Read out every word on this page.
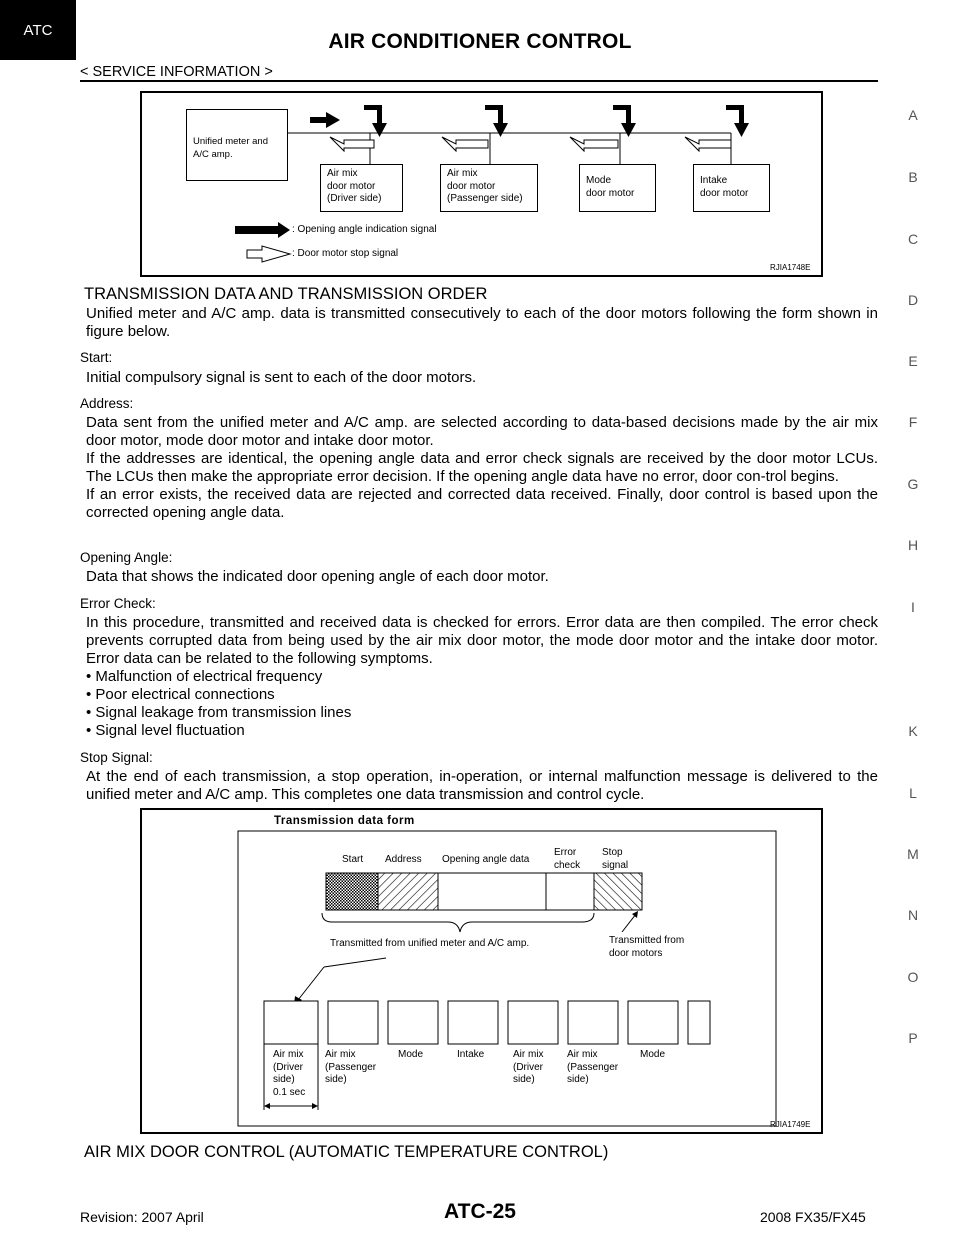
AIR CONDITIONER CONTROL
< SERVICE INFORMATION >
A
B
C
D
E
F
G
H
I
ATC
K
L
M
N
O
P
Unified meter and
A/C amp.
Air mix
door motor
(Driver side)
Air mix
door motor
(Passenger side)
Mode
door motor
Intake
door motor
: Opening angle indication signal
: Door motor stop signal
RJIA1748E
TRANSMISSION DATA AND TRANSMISSION ORDER

Unified meter and A/C amp. data is transmitted consecutively to each of the door motors following the form shown in figure below.

Start:

Initial compulsory signal is sent to each of the door motors.

Address:

Data sent from the unified meter and A/C amp. are selected according to data-based decisions made by the air mix door motor, mode door motor and intake door motor.

If the addresses are identical, the opening angle data and error check signals are received by the door motor LCUs. The LCUs then make the appropriate error decision. If the opening angle data have no error, door con-trol begins.

If an error exists, the received data are rejected and corrected data received. Finally, door control is based upon the corrected opening angle data.

Opening Angle:

Data that shows the indicated door opening angle of each door motor.

Error Check:

In this procedure, transmitted and received data is checked for errors. Error data are then compiled. The error check prevents corrupted data from being used by the air mix door motor, the mode door motor and the intake door motor. Error data can be related to the following symptoms.

• Malfunction of electrical frequency

• Poor electrical connections

• Signal leakage from transmission lines

• Signal level fluctuation

Stop Signal:

At the end of each transmission, a stop operation, in-operation, or internal malfunction message is delivered to the unified meter and A/C amp. This completes one data transmission and control cycle.

Transmission data form
Start Address Opening angle data
Error
check
Stop
signal
Transmitted from unified meter and A/C amp.	Transmitted from
door motors
Air mix
(Driver
side)
Air mix
(Passenger
side)
Mode	Intake	Air mix
(Driver
side)
Air mix
(Passenger
side)
Mode
0.1 sec
RJIA1749E
AIR MIX DOOR CONTROL (AUTOMATIC TEMPERATURE CONTROL)
Revision: 2007 April	ATC-25	2008 FX35/FX45
